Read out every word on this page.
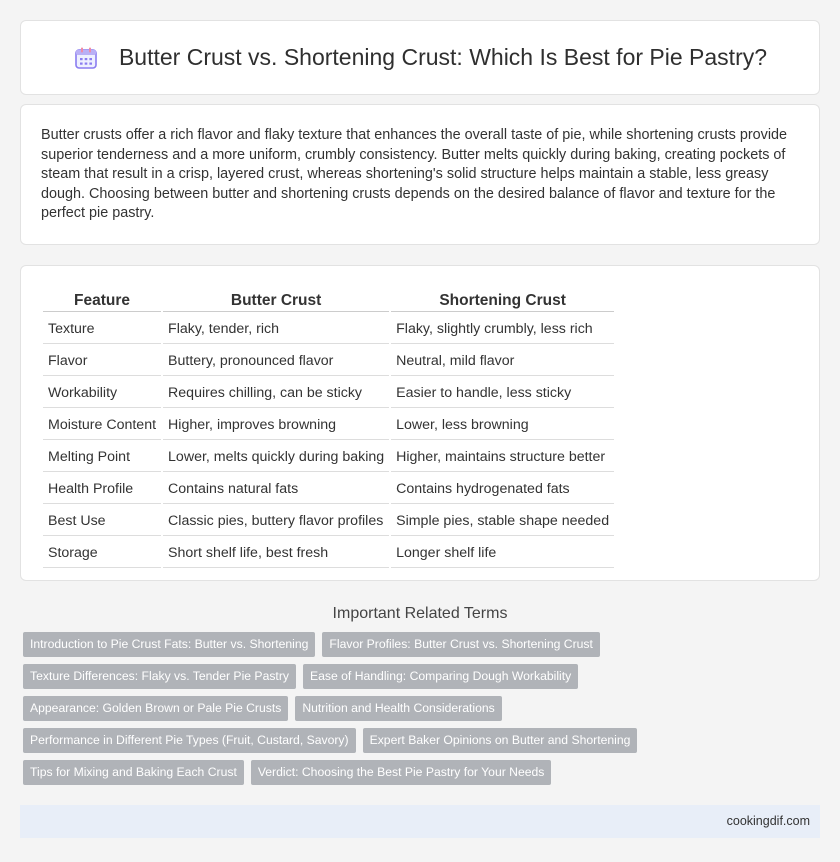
Butter Crust vs. Shortening Crust: Which Is Best for Pie Pastry?

Butter crusts offer a rich flavor and flaky texture that enhances the overall taste of pie, while shortening crusts provide superior tenderness and a more uniform, crumbly consistency. Butter melts quickly during baking, creating pockets of steam that result in a crisp, layered crust, whereas shortening's solid structure helps maintain a stable, less greasy dough. Choosing between butter and shortening crusts depends on the desired balance of flavor and texture for the perfect pie pastry.

Feature	Butter Crust	Shortening Crust
Texture	Flaky, tender, rich	Flaky, slightly crumbly, less rich
Flavor	Buttery, pronounced flavor	Neutral, mild flavor
Workability	Requires chilling, can be sticky	Easier to handle, less sticky
Moisture Content	Higher, improves browning	Lower, less browning
Melting Point	Lower, melts quickly during baking	Higher, maintains structure better
Health Profile	Contains natural fats	Contains hydrogenated fats
Best Use	Classic pies, buttery flavor profiles	Simple pies, stable shape needed
Storage	Short shelf life, best fresh	Longer shelf life
Important Related Terms
Introduction to Pie Crust Fats: Butter vs. Shortening	Flavor Profiles: Butter Crust vs. Shortening Crust
Texture Differences: Flaky vs. Tender Pie Pastry	Ease of Handling: Comparing Dough Workability
Appearance: Golden Brown or Pale Pie Crusts	Nutrition and Health Considerations
Performance in Different Pie Types (Fruit, Custard, Savory)	Expert Baker Opinions on Butter and Shortening
Tips for Mixing and Baking Each Crust	Verdict: Choosing the Best Pie Pastry for Your Needs
cookingdif.com
